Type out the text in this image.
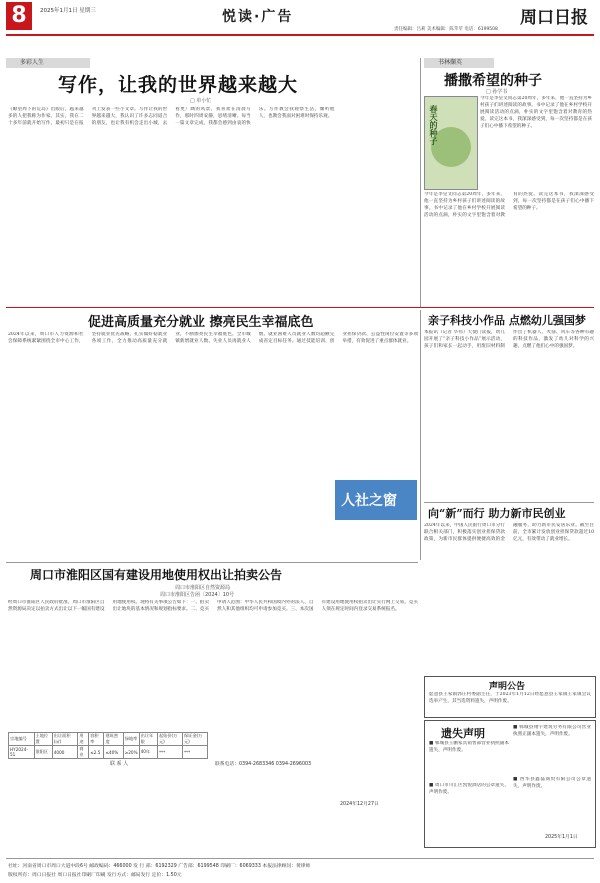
8	2025年1月1日 星期三	悦读·广告	周口日报
责任编辑：吕莉 美术编辑：陈苹苹 电话：6199508
多彩人生	书林撷英
写作，让我的世界越来越大
□ 单小忙
《瞭望周下的荒岛》出版后，越来越多的人把我称为作家。其实，我在二十多年前就开始写作，最初只是在报刊上发表一些小文章。写作让我的世界越来越大，我认识了许多志同道合的朋友，也让我有机会走出小城，去看更广阔的风景。我喜欢在清晨写作，那时四周安静，思绪清晰。每当一篇文章完成，我都会感到由衷的快乐。写作教会我观察生活，倾听他人，也教会我面对困难时保持乐观。
播撒希望的种子
□ 孙学书
春天的种子
今年是李皇文同志第20周年，多年来，他一直坚持为乡村孩子们讲述阅读的故事。书中记录了他在乡村学校开展阅读活动的点滴，朴实的文字里饱含着对教育的热爱。读完这本书，我深深感受到，每一次坚持都是在孩子们心中播下希望的种子。
今年是李皇文同志第20周年，多年来，他一直坚持为乡村孩子们讲述阅读的故事。书中记录了他在乡村学校开展阅读活动的点滴，朴实的文字里饱含着对教育的热爱。读完这本书，我深深感受到，每一次坚持都是在孩子们心中播下希望的种子。
促进高质量充分就业 擦亮民生幸福底色
2024年以来，周口市人力资源和社会保障系统紧紧围绕全市中心工作，坚持就业优先战略，扎实做好稳就业各项工作，全力推动高质量充分就业，不断擦亮民生幸福底色。全市城镇新增就业人数、失业人员再就业人数、就业困难人员就业人数均超额完成省定目标任务。通过技能培训、创业担保贷款、公益性岗位安置等多项举措，有效促进了重点群体就业。
人社之窗
亲子科技小作品 点燃幼儿强国梦
本报讯（记者 毕伟）天使门读报，幼儿园开展了“亲子科技小作品”展示活动，孩子们和家长一起动手，用废旧材料制作出了机器人、火箭、风车等各种有趣的科技作品，激发了幼儿对科学的兴趣，点燃了他们心中的强国梦。
向“新”而行 助力新市民创业
2024年以来，中国人民银行周口市分行联合相关部门，积极落实创业担保贷款政策，为新市民群体提供便捷高效的金融服务，助力新市民安居乐业。截至目前，全市累计发放创业担保贷款超过10亿元，有效带动了就业增长。
周口市淮阳区国有建设用地使用权出让拍卖公告
周口市淮阳区自然资源局
周口市淮阳区告函〔2024〕10号
经周口市淮阳区人民政府批准，周口市淮阳区自然资源局决定以拍卖方式出让以下一幅国有建设用地使用权。现将有关事项公告如下：一、拍卖出让地块的基本情况和规划指标要求。二、竞买申请人范围：中华人民共和国境内外的法人、自然人和其他组织均可申请参加竞买。三、本次国有建设用地使用权拍卖出让实行网上交易，竞买人须在规定时间内登录交易系统报名。
宗地编号	土地位置	出让面积(㎡)	用途	容积率	建筑密度	绿地率	出让年限	起始价(万元)	保证金(万元)
HY2024-51	淮阳区	4000	商业	≤2.5	≤40%	≥20%	40年	***	***
联 系 人	联系电话：0394-2683346 0394-2696003
2024年12月27日
声明公告
愿意县王家镇郭庄村委副主任，于2023年1月12日经愿意县王家镇王家镇会议选举产生，其当选资料遗失，声明作废。
遗失声明
■ 郸城县王鹏家具销售部营业执照副本遗失，声明作废。
■ 周口市川汇区凯悦酒店的公章遗失，声明作废。
■ 郸城县翔宇建筑劳务有限公司营业执照正副本遗失，声明作废。
■ 西华县鑫磊商贸有限公司公章遗失，声明作废。
2025年1月1日
社址：河南省周口市周口大道中段6号 邮政编码：466000 发 行 部：6192329 广告部：6199548 印刷厂：6069333 本报法律顾问：黄律师
版权所有：周口日报社 周口日报社印刷厂印刷 发行方式：邮局发行 定价：1.50元
